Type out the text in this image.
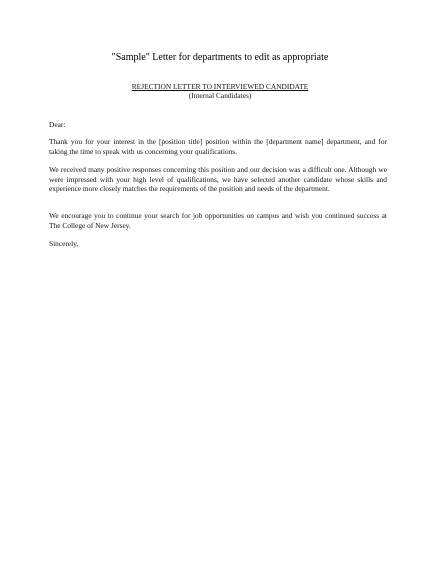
"Sample" Letter for departments to edit as appropriate
REJECTION LETTER TO INTERVIEWED CANDIDATE
(Internal Candidates)
Dear:
Thank you for your interest in the [position title] position within the [department name] department, and for taking the time to speak with us concerning your qualifications.
We received many positive responses concerning this position and our decision was a difficult one. Although we were impressed with your high level of qualifications, we have selected another candidate whose skills and experience more closely matches the requirements of the position and needs of the department.
We encourage you to continue your search for job opportunities on campus and wish you continued success at The College of New Jersey.
Sincerely,
